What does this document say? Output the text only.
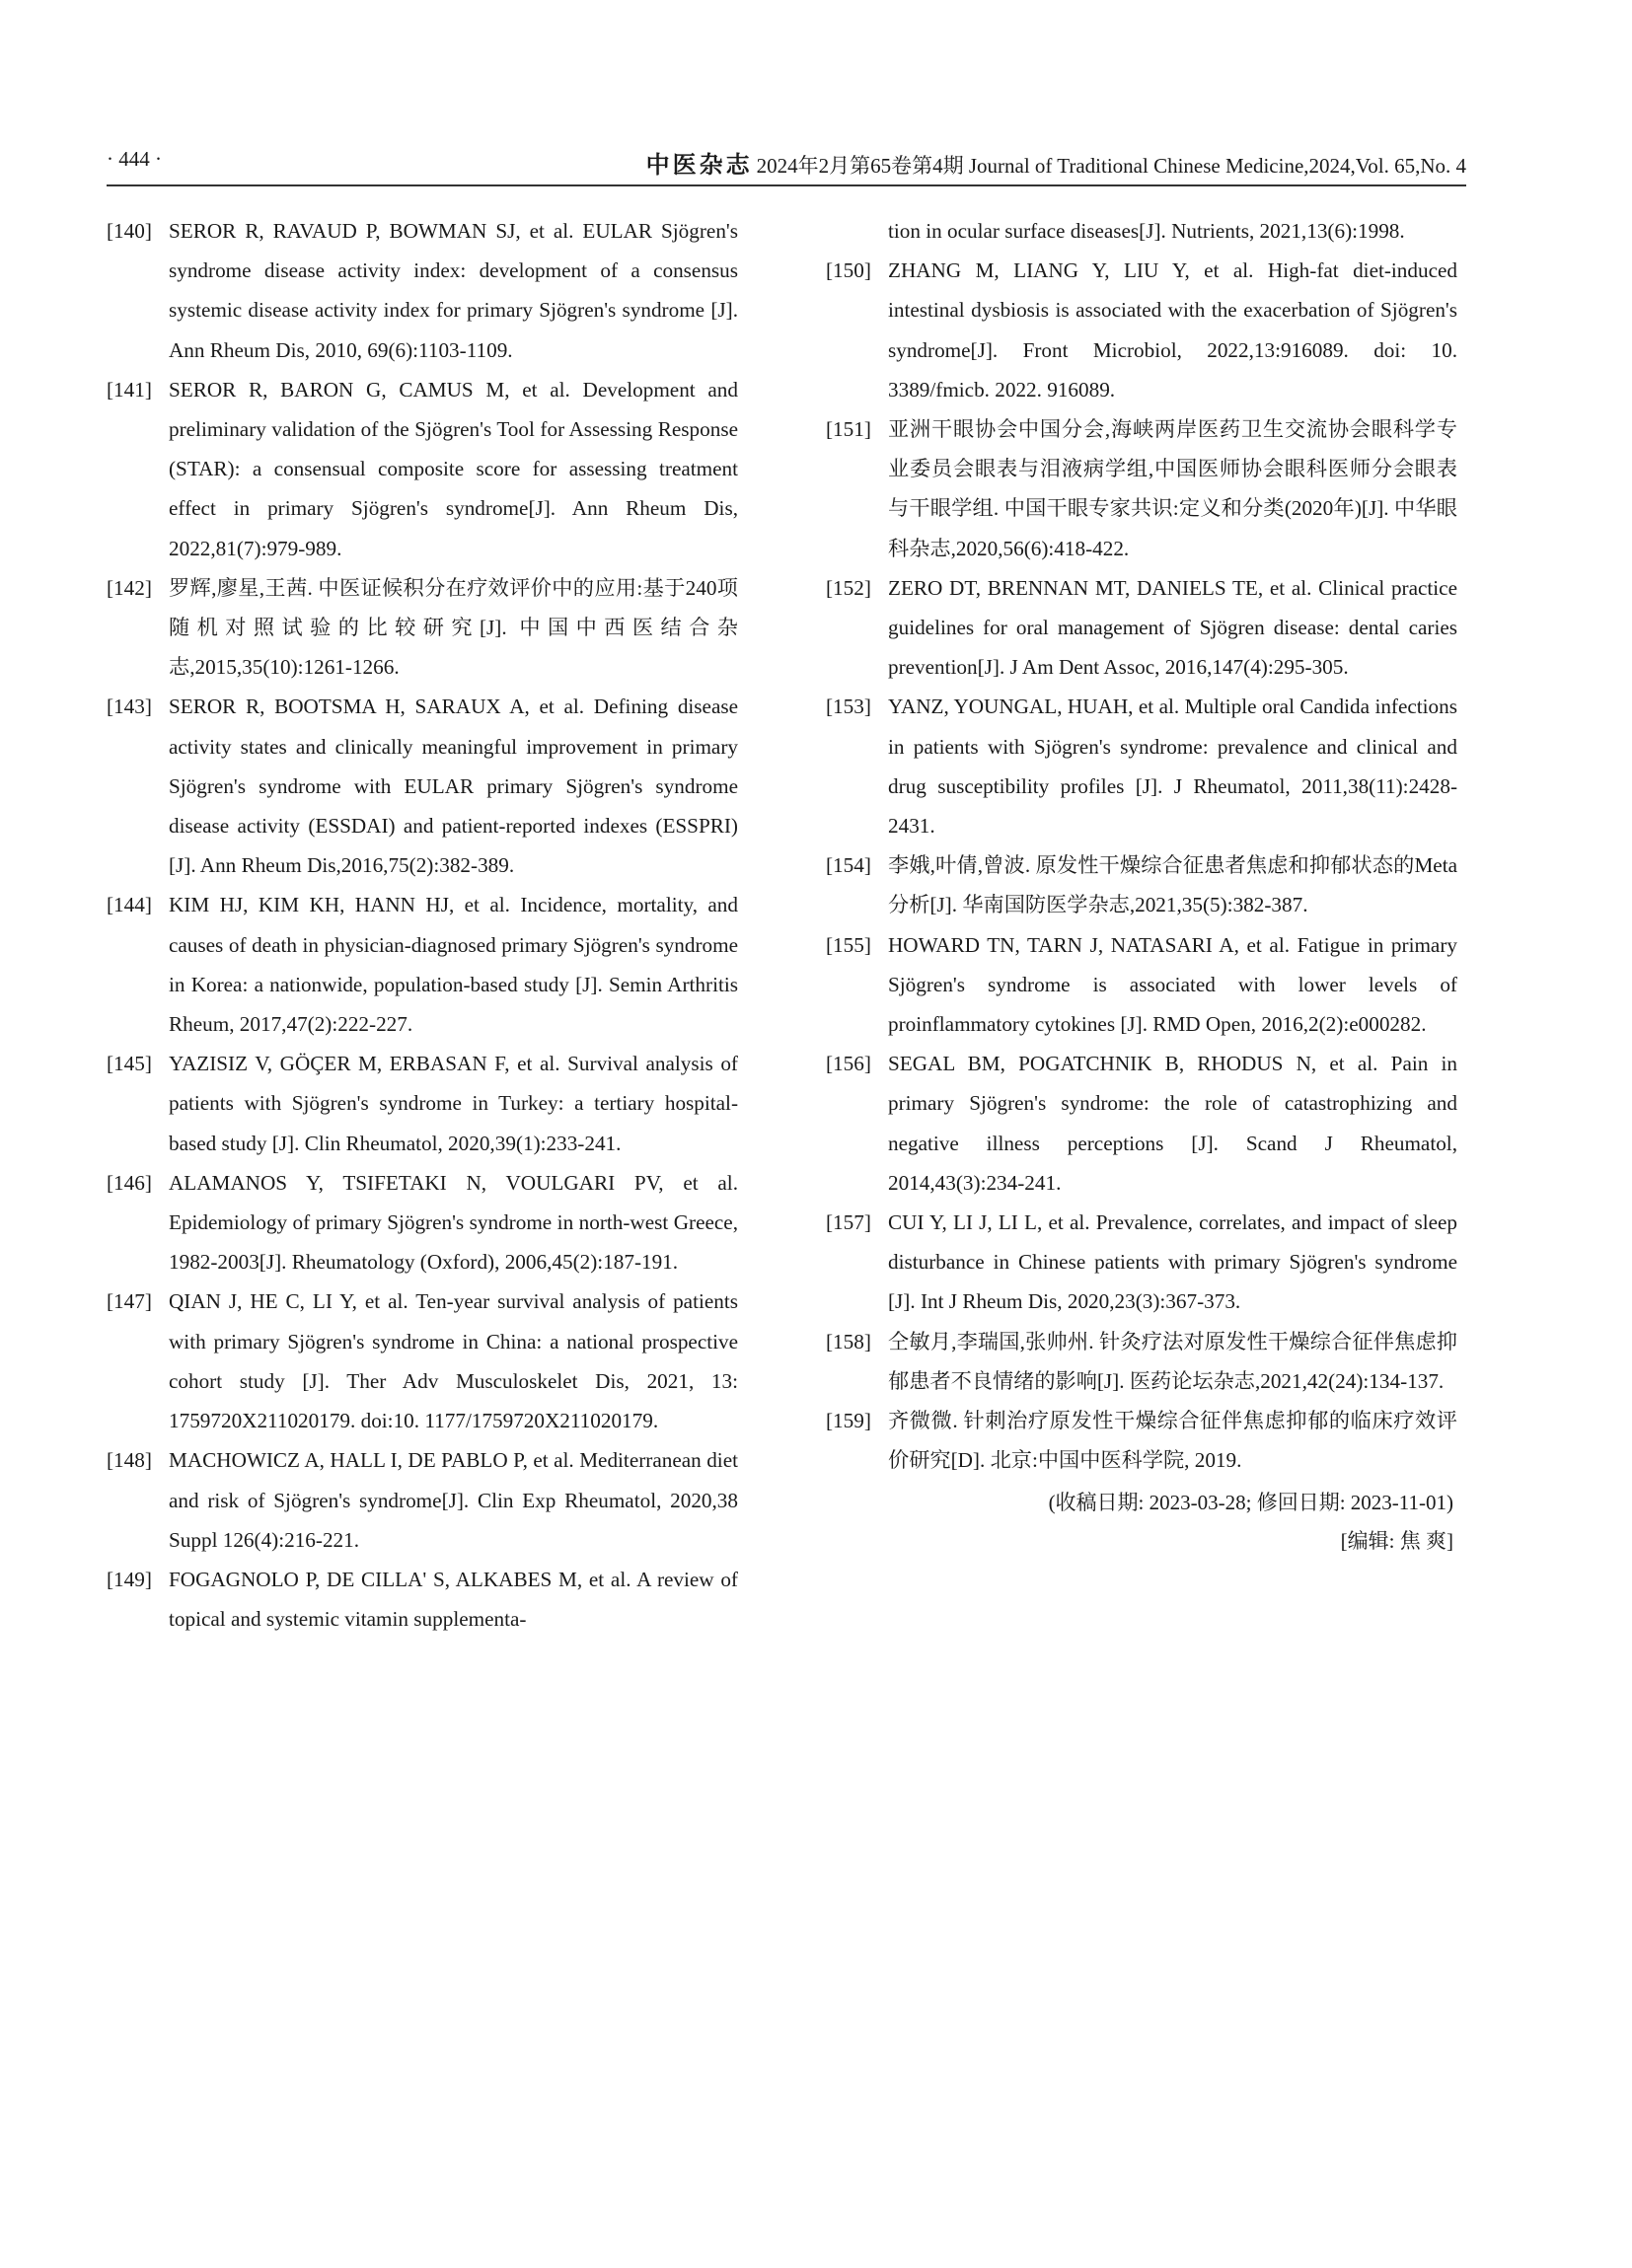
· 444 ·	中医杂志 2024年2月第65卷第4期 Journal of Traditional Chinese Medicine,2024,Vol. 65,No. 4
[140] SEROR R, RAVAUD P, BOWMAN SJ, et al. EULAR Sjögren's syndrome disease activity index: development of a consensus systemic disease activity index for primary Sjögren's syndrome [J]. Ann Rheum Dis, 2010, 69(6):1103-1109.
[141] SEROR R, BARON G, CAMUS M, et al. Development and preliminary validation of the Sjögren's Tool for Assessing Response (STAR): a consensual composite score for assessing treatment effect in primary Sjögren's syndrome[J]. Ann Rheum Dis, 2022,81(7):979-989.
[142] 罗辉,廖星,王茜. 中医证候积分在疗效评价中的应用:基于240项随机对照试验的比较研究[J]. 中国中西医结合杂志,2015,35(10):1261-1266.
[143] SEROR R, BOOTSMA H, SARAUX A, et al. Defining disease activity states and clinically meaningful improvement in primary Sjögren's syndrome with EULAR primary Sjögren's syndrome disease activity (ESSDAI) and patient-reported indexes (ESSPRI)[J]. Ann Rheum Dis,2016,75(2):382-389.
[144] KIM HJ, KIM KH, HANN HJ, et al. Incidence, mortality, and causes of death in physician-diagnosed primary Sjögren's syndrome in Korea: a nationwide, population-based study [J]. Semin Arthritis Rheum, 2017,47(2):222-227.
[145] YAZISIZ V, GÖÇER M, ERBASAN F, et al. Survival analysis of patients with Sjögren's syndrome in Turkey: a tertiary hospital-based study [J]. Clin Rheumatol, 2020,39(1):233-241.
[146] ALAMANOS Y, TSIFETAKI N, VOULGARI PV, et al. Epidemiology of primary Sjögren's syndrome in north-west Greece, 1982-2003[J]. Rheumatology (Oxford), 2006,45(2):187-191.
[147] QIAN J, HE C, LI Y, et al. Ten-year survival analysis of patients with primary Sjögren's syndrome in China: a national prospective cohort study [J]. Ther Adv Musculoskelet Dis, 2021, 13: 1759720X211020179. doi:10. 1177/1759720X211020179.
[148] MACHOWICZ A, HALL I, DE PABLO P, et al. Mediterranean diet and risk of Sjögren's syndrome[J]. Clin Exp Rheumatol, 2020,38 Suppl 126(4):216-221.
[149] FOGAGNOLO P, DE CILLA' S, ALKABES M, et al. A review of topical and systemic vitamin supplementa-
tion in ocular surface diseases[J]. Nutrients, 2021,13(6):1998.
[150] ZHANG M, LIANG Y, LIU Y, et al. High-fat diet-induced intestinal dysbiosis is associated with the exacerbation of Sjögren's syndrome[J]. Front Microbiol, 2022,13:916089. doi: 10. 3389/fmicb. 2022. 916089.
[151] 亚洲干眼协会中国分会,海峡两岸医药卫生交流协会眼科学专业委员会眼表与泪液病学组,中国医师协会眼科医师分会眼表与干眼学组. 中国干眼专家共识:定义和分类(2020年)[J]. 中华眼科杂志,2020,56(6):418-422.
[152] ZERO DT, BRENNAN MT, DANIELS TE, et al. Clinical practice guidelines for oral management of Sjögren disease: dental caries prevention[J]. J Am Dent Assoc, 2016,147(4):295-305.
[153] YANZ, YOUNGAL, HUAH, et al. Multiple oral Candida infections in patients with Sjögren's syndrome: prevalence and clinical and drug susceptibility profiles [J]. J Rheumatol, 2011,38(11):2428-2431.
[154] 李娥,叶倩,曾波. 原发性干燥综合征患者焦虑和抑郁状态的Meta分析[J]. 华南国防医学杂志,2021,35(5):382-387.
[155] HOWARD TN, TARN J, NATASARI A, et al. Fatigue in primary Sjögren's syndrome is associated with lower levels of proinflammatory cytokines [J]. RMD Open, 2016,2(2):e000282.
[156] SEGAL BM, POGATCHNIK B, RHODUS N, et al. Pain in primary Sjögren's syndrome: the role of catastrophizing and negative illness perceptions [J]. Scand J Rheumatol, 2014,43(3):234-241.
[157] CUI Y, LI J, LI L, et al. Prevalence, correlates, and impact of sleep disturbance in Chinese patients with primary Sjögren's syndrome [J]. Int J Rheum Dis, 2020,23(3):367-373.
[158] 仝敏月,李瑞国,张帅州. 针灸疗法对原发性干燥综合征伴焦虑抑郁患者不良情绪的影响[J]. 医药论坛杂志,2021,42(24):134-137.
[159] 齐微微. 针刺治疗原发性干燥综合征伴焦虑抑郁的临床疗效评价研究[D]. 北京:中国中医科学院, 2019.
(收稿日期: 2023-03-28; 修回日期: 2023-11-01)
[编辑: 焦 爽]
